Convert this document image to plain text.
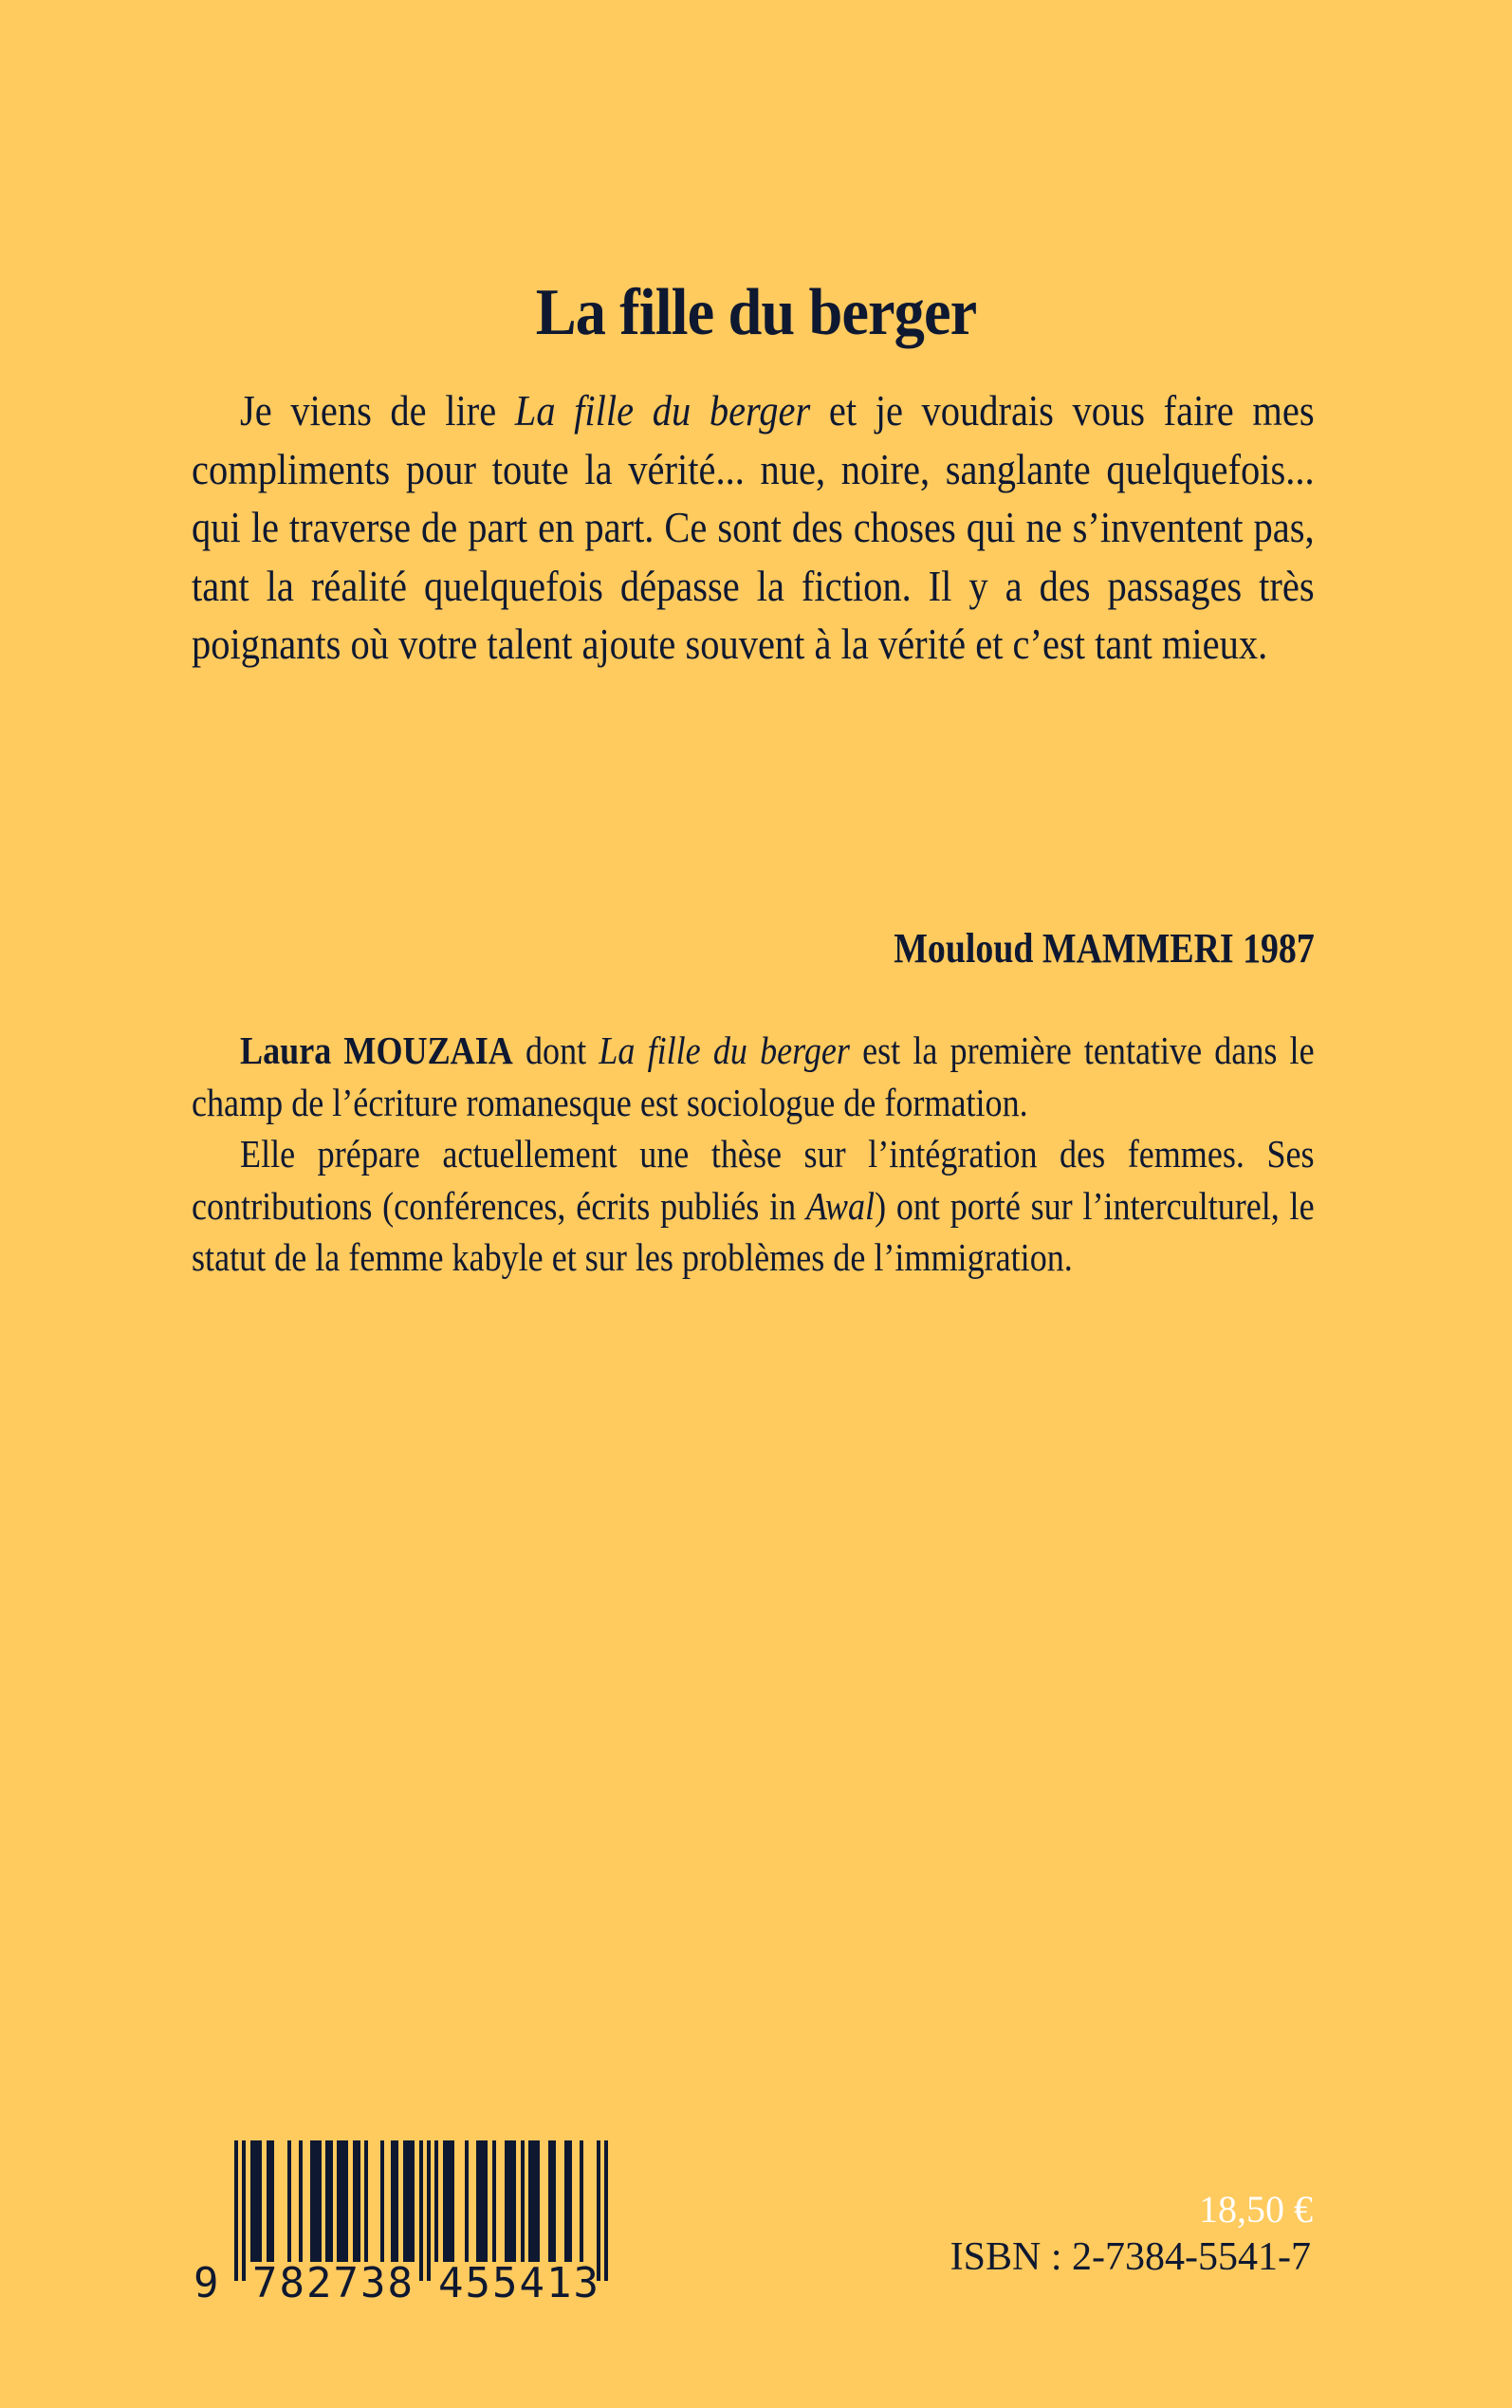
La fille du berger

Je viens de lire La fille du berger et je voudrais vous faire mes compliments pour toute la vérité... nue, noire, sanglante quelquefois... qui le traverse de part en part. Ce sont des choses qui ne s’inventent pas, tant la réalité quelquefois dépasse la fiction. Il y a des passages très poignants où votre talent ajoute souvent à la vérité et c’est tant mieux.

Mouloud MAMMERI 1987

Laura MOUZAIA dont La fille du berger est la première tentative dans le champ de l’écriture romanesque est sociologue de formation.

Elle prépare actuellement une thèse sur l’intégration des femmes. Ses contributions (conférences, écrits publiés in Awal) ont porté sur l’interculturel, le statut de la femme kabyle et sur les problèmes de l’immigration.

9 782738 455413
18,50 €
ISBN : 2-7384-5541-7
